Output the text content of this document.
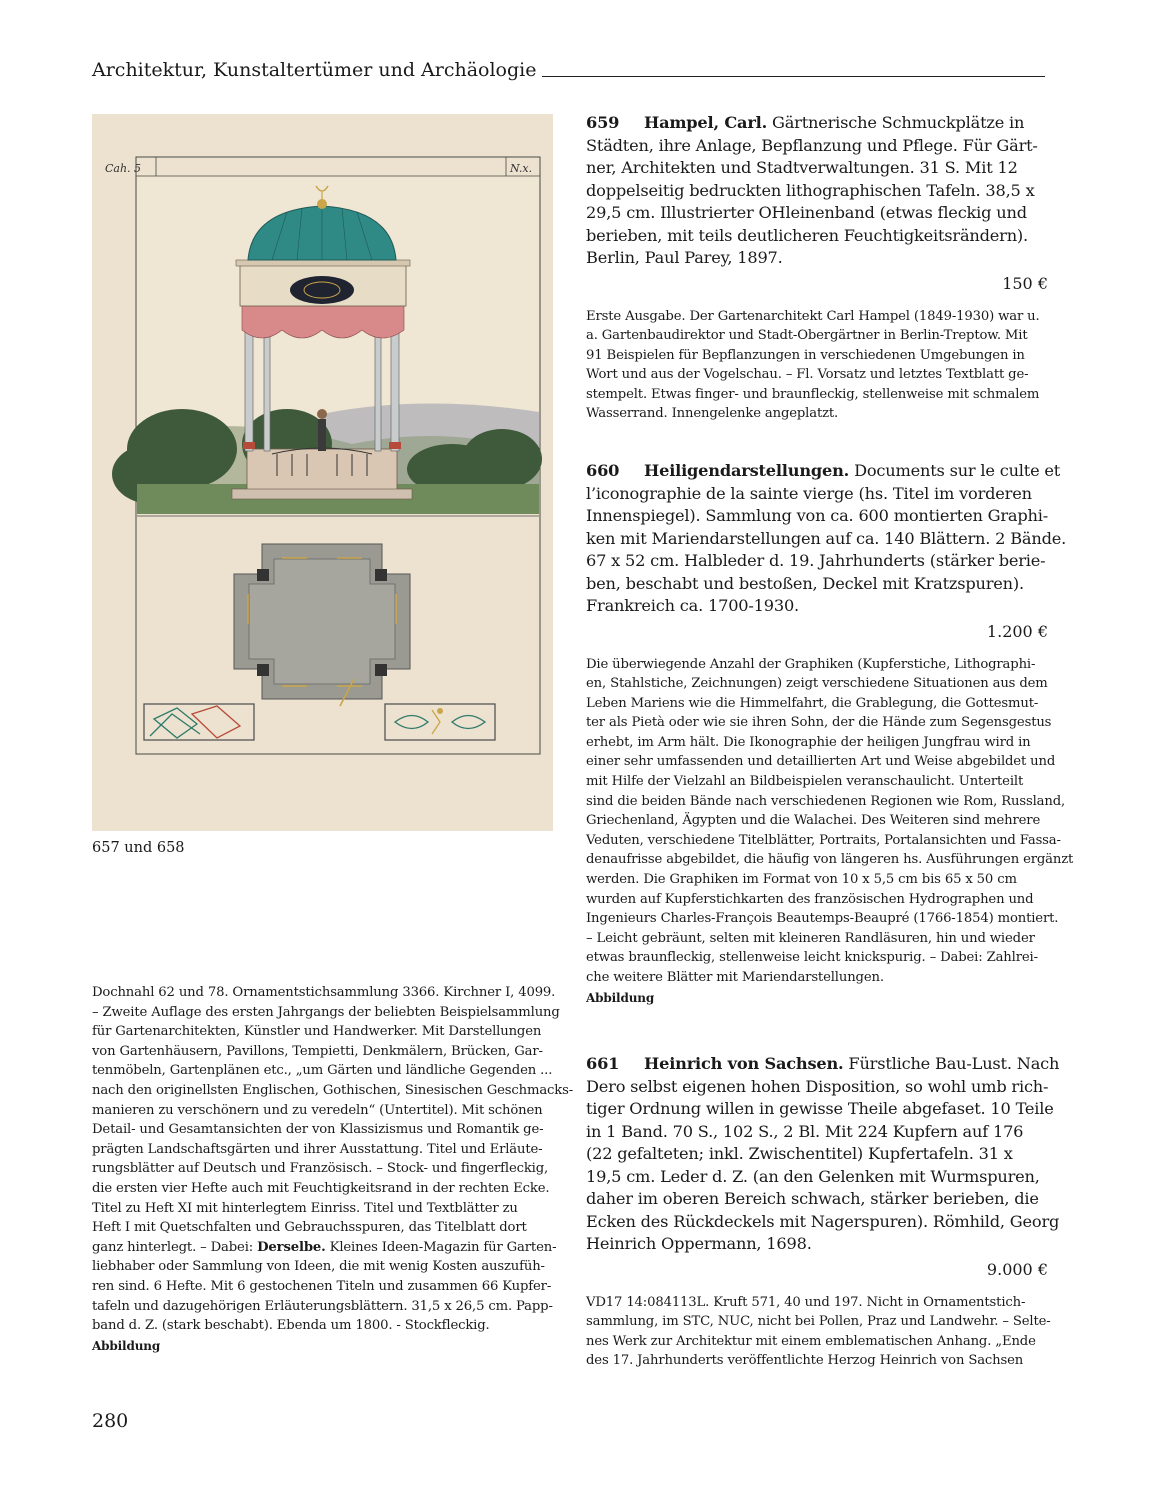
Architektur, Kunstaltertümer und Archäologie
Cah. 5	N.x.
657 und 658

Dochnahl 62 und 78. Ornamentstichsammlung 3366. Kirchner I, 4099.

– Zweite Auflage des ersten Jahrgangs der beliebten Beispielsammlung

für Gartenarchitekten, Künstler und Handwerker. Mit Darstellungen

von Gartenhäusern, Pavillons, Tempietti, Denkmälern, Brücken, Gar-

tenmöbeln, Gartenplänen etc., „um Gärten und ländliche Gegenden ...

nach den originellsten Englischen, Gothischen, Sinesischen Geschmacks-

manieren zu verschönern und zu veredeln“ (Untertitel). Mit schönen

Detail- und Gesamtansichten der von Klassizismus und Romantik ge-

prägten Landschaftsgärten und ihrer Ausstattung. Titel und Erläute-

rungsblätter auf Deutsch und Französisch. – Stock- und fingerfleckig,

die ersten vier Hefte auch mit Feuchtigkeitsrand in der rechten Ecke.

Titel zu Heft XI mit hinterlegtem Einriss. Titel und Textblätter zu

Heft I mit Quetschfalten und Gebrauchsspuren, das Titelblatt dort

ganz hinterlegt. – Dabei: Derselbe. Kleines Ideen-Magazin für Garten-

liebhaber oder Sammlung von Ideen, die mit wenig Kosten auszufüh-

ren sind. 6 Hefte. Mit 6 gestochenen Titeln und zusammen 66 Kupfer-

tafeln und dazugehörigen Erläuterungsblättern. 31,5 x 26,5 cm. Papp-

band d. Z. (stark beschabt). Ebenda um 1800. - Stockfleckig.

Abbildung
280

659 Hampel, Carl. Gärtnerische Schmuckplätze in

Städten, ihre Anlage, Bepflanzung und Pflege. Für Gärt-

ner, Architekten und Stadtverwaltungen. 31 S. Mit 12

doppelseitig bedruckten lithographischen Tafeln. 38,5 x

29,5 cm. Illustrierter OHleinenband (etwas fleckig und

berieben, mit teils deutlicheren Feuchtigkeitsrändern).

Berlin, Paul Parey, 1897.

150 €

Erste Ausgabe. Der Gartenarchitekt Carl Hampel (1849-1930) war u.

a. Gartenbaudirektor und Stadt-Obergärtner in Berlin-Treptow. Mit

91 Beispielen für Bepflanzungen in verschiedenen Umgebungen in

Wort und aus der Vogelschau. – Fl. Vorsatz und letztes Textblatt ge-

stempelt. Etwas finger- und braunfleckig, stellenweise mit schmalem

Wasserrand. Innengelenke angeplatzt.

660 Heiligendarstellungen. Documents sur le culte et

l’iconographie de la sainte vierge (hs. Titel im vorderen

Innenspiegel). Sammlung von ca. 600 montierten Graphi-

ken mit Mariendarstellungen auf ca. 140 Blättern. 2 Bände.

67 x 52 cm. Halbleder d. 19. Jahrhunderts (stärker berie-

ben, beschabt und bestoßen, Deckel mit Kratzspuren).

Frankreich ca. 1700-1930.

1.200 €

Die überwiegende Anzahl der Graphiken (Kupferstiche, Lithographi-

en, Stahlstiche, Zeichnungen) zeigt verschiedene Situationen aus dem

Leben Mariens wie die Himmelfahrt, die Grablegung, die Gottesmut-

ter als Pietà oder wie sie ihren Sohn, der die Hände zum Segensgestus

erhebt, im Arm hält. Die Ikonographie der heiligen Jungfrau wird in

einer sehr umfassenden und detaillierten Art und Weise abgebildet und

mit Hilfe der Vielzahl an Bildbeispielen veranschaulicht. Unterteilt

sind die beiden Bände nach verschiedenen Regionen wie Rom, Russland,

Griechenland, Ägypten und die Walachei. Des Weiteren sind mehrere

Veduten, verschiedene Titelblätter, Portraits, Portalansichten und Fassa-

denaufrisse abgebildet, die häufig von längeren hs. Ausführungen ergänzt

werden. Die Graphiken im Format von 10 x 5,5 cm bis 65 x 50 cm

wurden auf Kupferstichkarten des französischen Hydrographen und

Ingenieurs Charles-François Beautemps-Beaupré (1766-1854) montiert.

– Leicht gebräunt, selten mit kleineren Randläsuren, hin und wieder

etwas braunfleckig, stellenweise leicht knickspurig. – Dabei: Zahlrei-

che weitere Blätter mit Mariendarstellungen.

Abbildung

661 Heinrich von Sachsen. Fürstliche Bau-Lust. Nach

Dero selbst eigenen hohen Disposition, so wohl umb rich-

tiger Ordnung willen in gewisse Theile abgefaset. 10 Teile

in 1 Band. 70 S., 102 S., 2 Bl. Mit 224 Kupfern auf 176

(22 gefalteten; inkl. Zwischentitel) Kupfertafeln. 31 x

19,5 cm. Leder d. Z. (an den Gelenken mit Wurmspuren,

daher im oberen Bereich schwach, stärker berieben, die

Ecken des Rückdeckels mit Nagerspuren). Römhild, Georg

Heinrich Oppermann, 1698.

9.000 €

VD17 14:084113L. Kruft 571, 40 und 197. Nicht in Ornamentstich-

sammlung, im STC, NUC, nicht bei Pollen, Praz und Landwehr. – Selte-

nes Werk zur Architektur mit einem emblematischen Anhang. „Ende

des 17. Jahrhunderts veröffentlichte Herzog Heinrich von Sachsen
